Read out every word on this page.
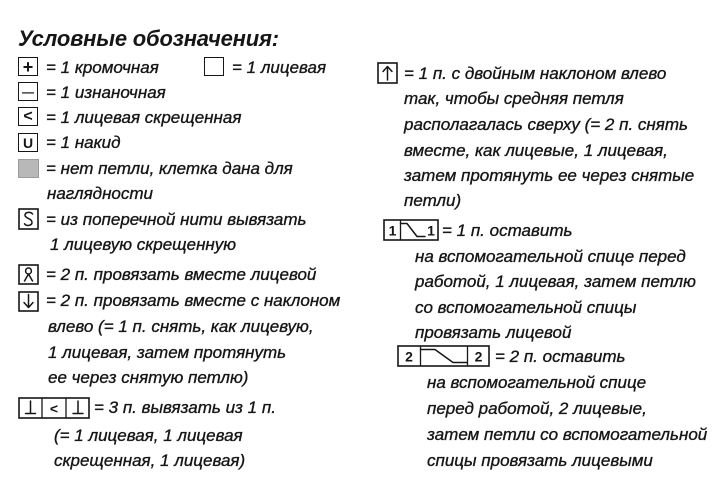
Условные обозначения:
+ = 1 кромочная	= 1 лицевая
— = 1 изнаночная
< = 1 лицевая скрещенная
U = 1 накид
= нет петли, клетка дана для
наглядности
= из поперечной нити вывязать
1 лицевую скрещенную
= 2 п. провязать вместе лицевой
= 2 п. провязать вместе с наклоном
влево (= 1 п. снять, как лицевую,
1 лицевая, затем протянуть
ее через снятую петлю)
< = 3 п. вывязать из 1 п.
(= 1 лицевая, 1 лицевая
скрещенная, 1 лицевая)
= 1 п. с двойным наклоном влево
так, чтобы средняя петля
располагалась сверху (= 2 п. снять
вместе, как лицевые, 1 лицевая,
затем протянуть ее через снятые
петли)
1 1 = 1 п. оставить
на вспомогательной спице перед
работой, 1 лицевая, затем петлю
со вспомогательной спицы
провязать лицевой
2	2 = 2 п. оставить
на вспомогательной спице
перед работой, 2 лицевые,
затем петли со вспомогательной
спицы провязать лицевыми
